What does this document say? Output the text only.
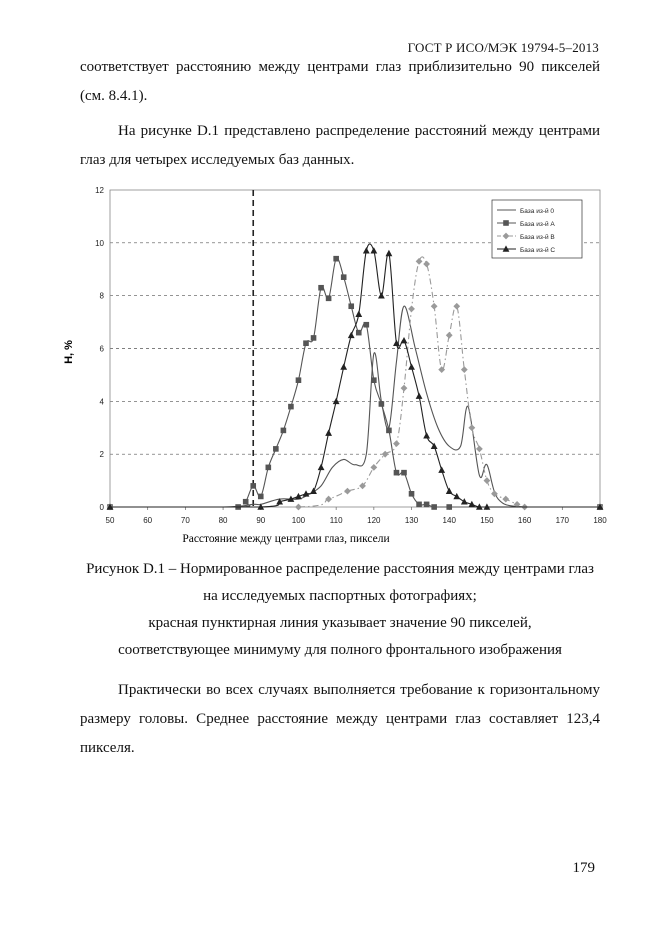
ГОСТ Р ИСО/МЭК 19794-5–2013
соответствует расстоянию между центрами глаз приблизительно 90 пикселей
(см. 8.4.1).
На рисунке D.1 представлено распределение расстояний между центрами
глаз для четырех исследуемых баз данных.
0
2
4
6
8
10
12
50	60	70	80	90	100	110	120	130	140	150	160	170	180
База из-й 0
База из-й A
База из-й B
База из-й C
H, %
Расстояние между центрами глаз, пиксели
Рисунок D.1 – Нормированное распределение расстояния между центрами глаз
на исследуемых паспортных фотографиях;
красная пунктирная линия указывает значение 90 пикселей,
соответствующее минимуму для полного фронтального изображения
Практически во всех случаях выполняется требование к горизонтальному
размеру головы. Среднее расстояние между центрами глаз составляет 123,4
пикселя.
179
